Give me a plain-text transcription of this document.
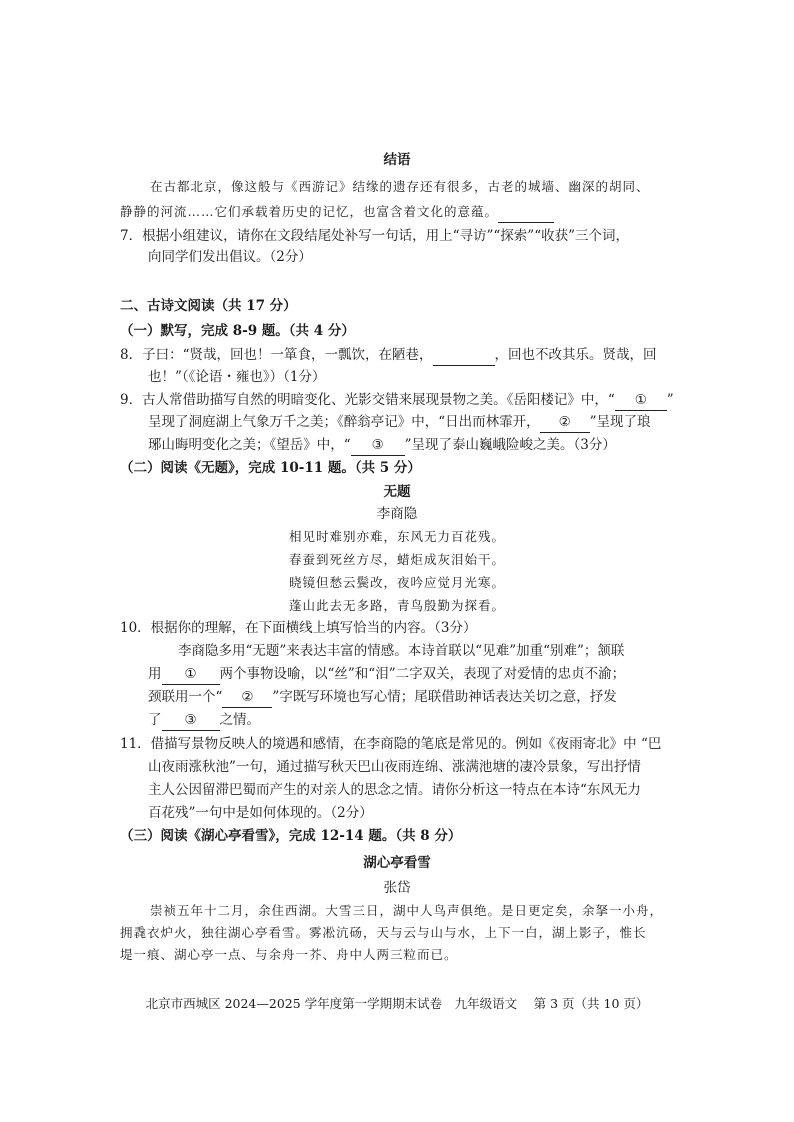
结语
在古都北京，像这般与《西游记》结缘的遗存还有很多，古老的城墙、幽深的胡同、
静静的河流……它们承载着历史的记忆，也富含着文化的意蕴。
7．根据小组建议，请你在文段结尾处补写一句话，用上“寻访”“探索”“收获”三个词，
向同学们发出倡议。（2分）
二、古诗文阅读（共 17 分）
（一）默写，完成 8-9 题。（共 4 分）
8．子曰：“贤哉，回也！一箪食，一瓢饮，在陋巷，	，回也不改其乐。贤哉，回
也！”（《论语・雍也》）（1分）
9．古人常借助描写自然的明暗变化、光影交错来展现景物之美。《岳阳楼记》中，“ ① ”
呈现了洞庭湖上气象万千之美；《醉翁亭记》中，“日出而林霏开， ② ”呈现了琅
琊山晦明变化之美；《望岳》中，“ ③ ”呈现了泰山巍峨险峻之美。（3分）
（二）阅读《无题》，完成 10-11 题。（共 5 分）
无题
李商隐
相见时难别亦难，东风无力百花残。
春蚕到死丝方尽，蜡炬成灰泪始干。
晓镜但愁云鬓改，夜吟应觉月光寒。
蓬山此去无多路，青鸟殷勤为探看。
10．根据你的理解，在下面横线上填写恰当的内容。（3分）
李商隐多用“无题”来表达丰富的情感。本诗首联以“见难”加重“别难”；颔联
用 ① 两个事物设喻，以“丝”和“泪”二字双关，表现了对爱情的忠贞不渝；
颈联用一个“ ② ”字既写环境也写心情；尾联借助神话表达关切之意，抒发
了 ③ 之情。
11．借描写景物反映人的境遇和感情，在李商隐的笔底是常见的。例如《夜雨寄北》中 “巴
山夜雨涨秋池”一句，通过描写秋天巴山夜雨连绵、涨满池塘的凄冷景象，写出抒情
主人公因留滞巴蜀而产生的对亲人的思念之情。请你分析这一特点在本诗“东风无力
百花残”一句中是如何体现的。（2分）
（三）阅读《湖心亭看雪》，完成 12-14 题。（共 8 分）
湖心亭看雪
张岱
崇祯五年十二月，余住西湖。大雪三日，湖中人鸟声俱绝。是日更定矣，余拏一小舟，
拥毳衣炉火，独往湖心亭看雪。雾凇沆砀，天与云与山与水，上下一白，湖上影子，惟长
堤一痕、湖心亭一点、与余舟一芥、舟中人两三粒而已。
北京市西城区 2024—2025 学年度第一学期期末试卷　九年级语文　 第 3 页（共 10 页）
